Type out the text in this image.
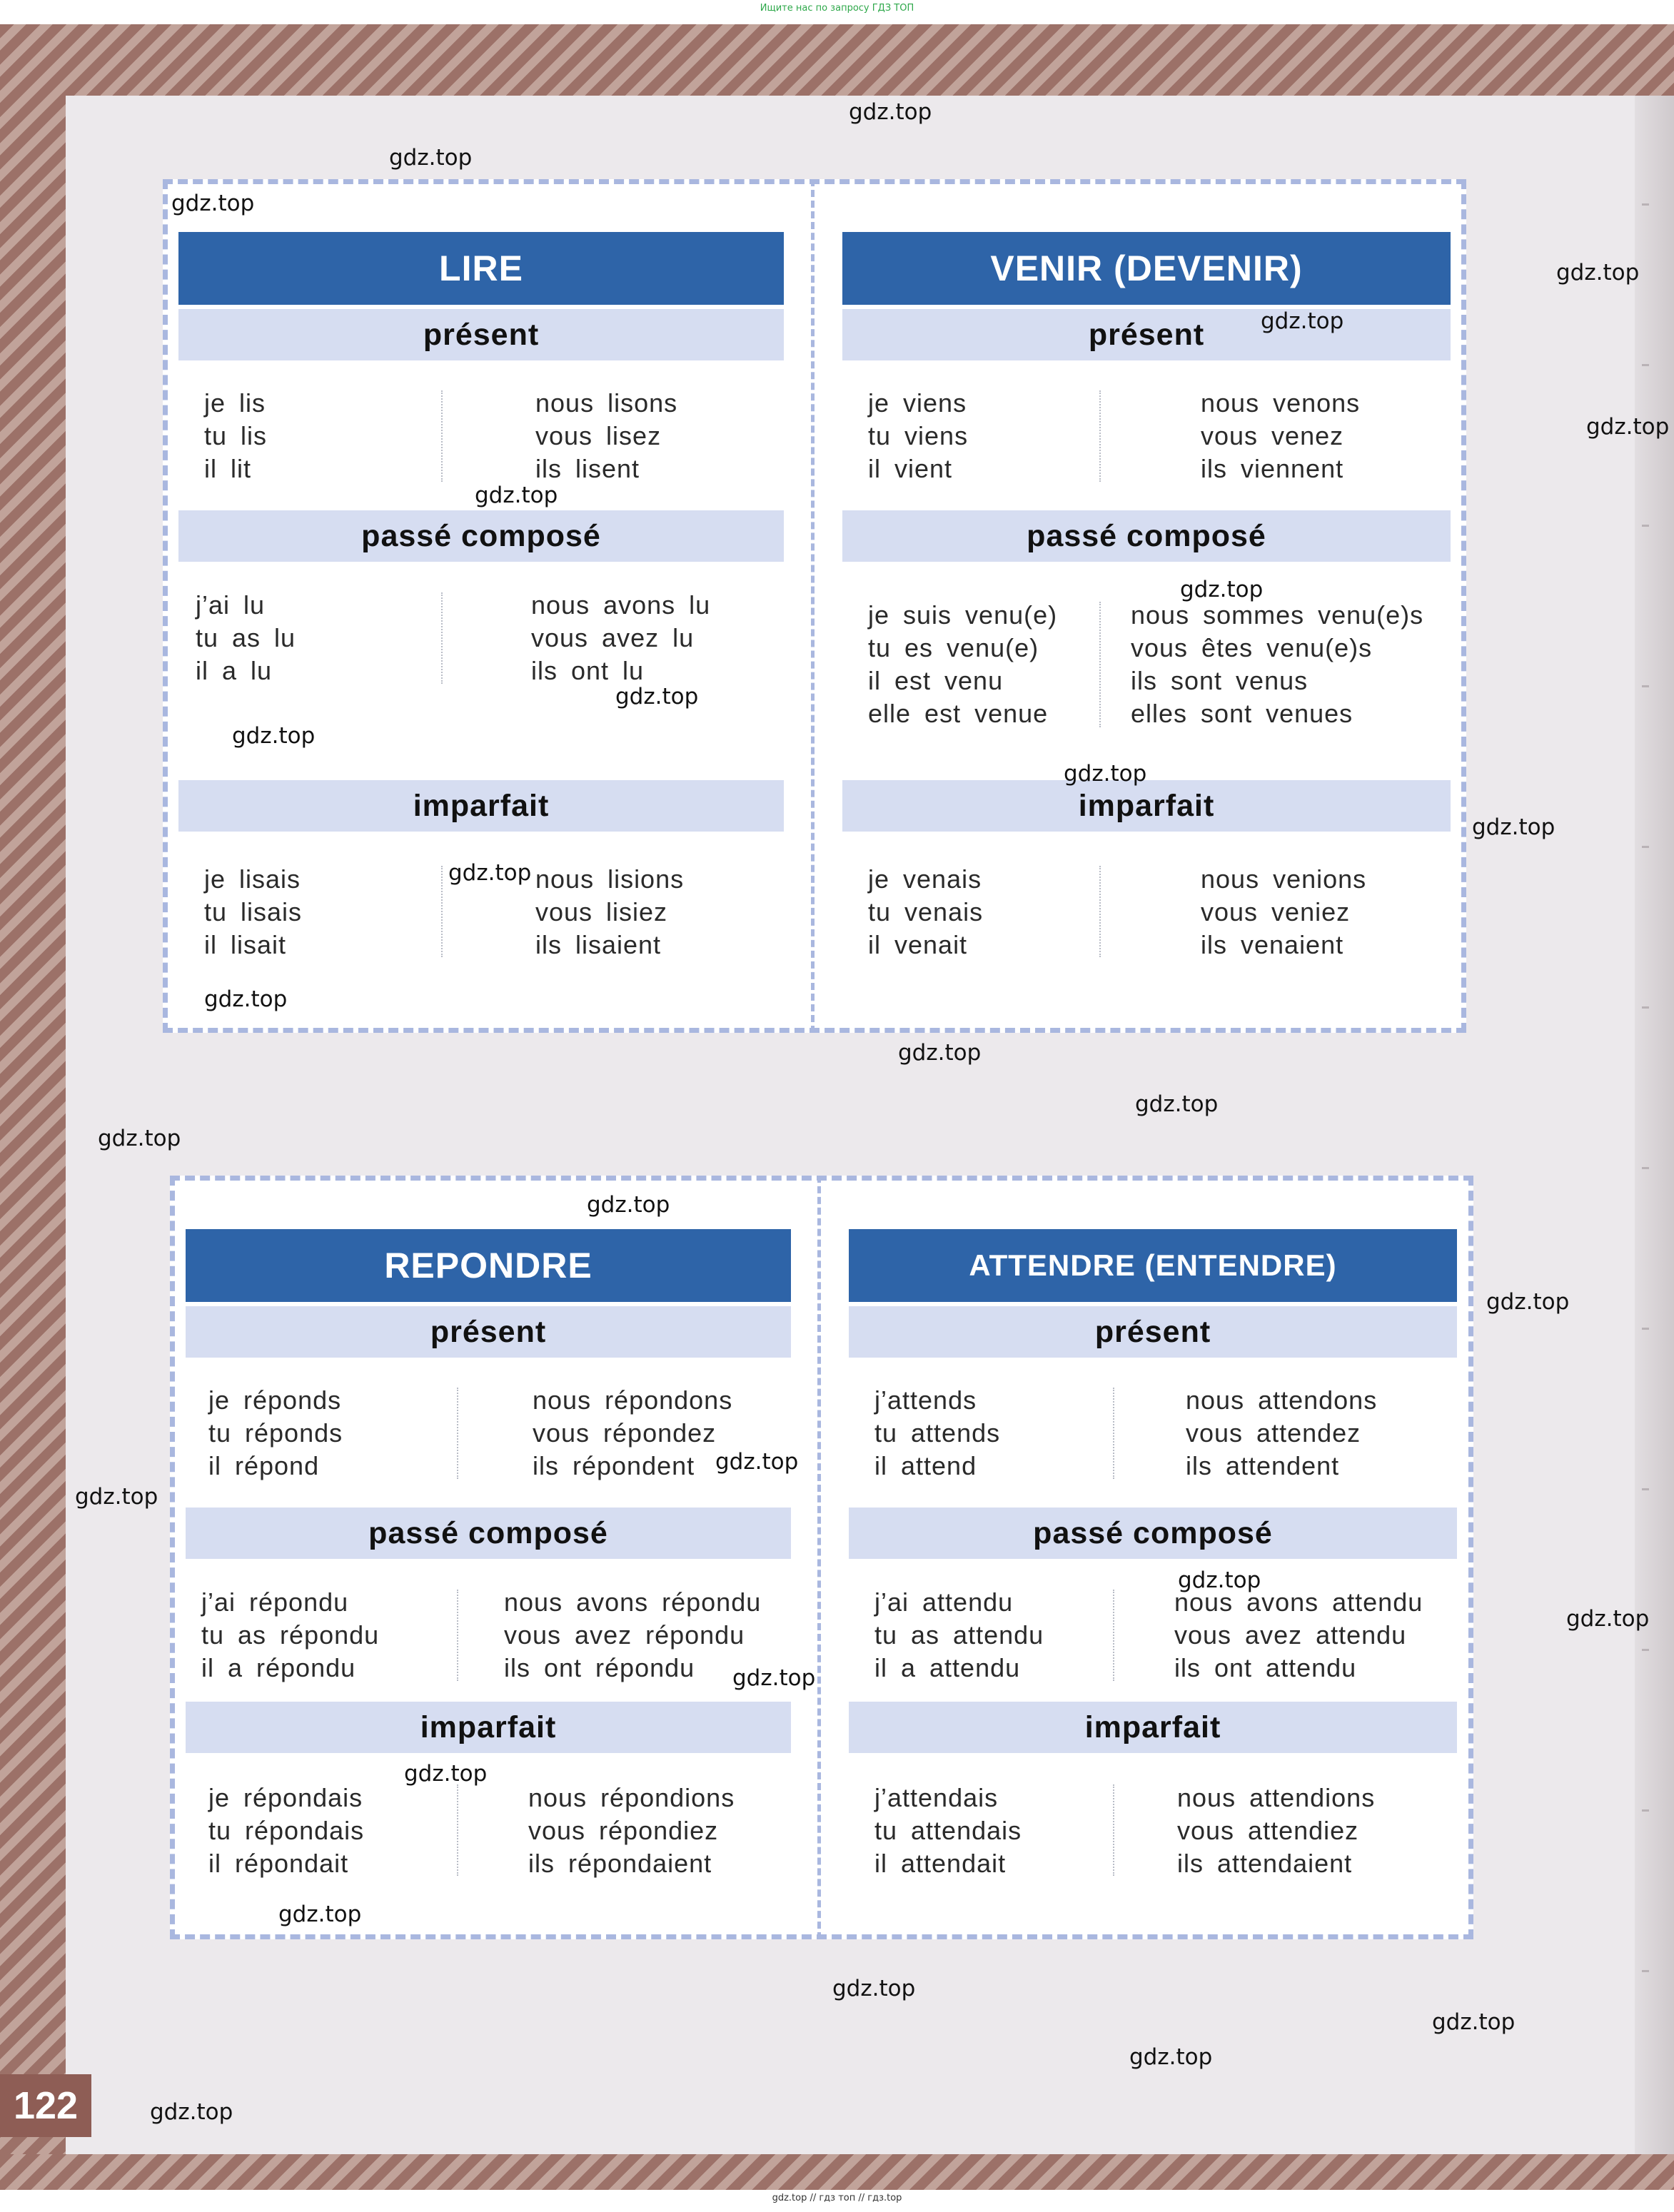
Ищите нас по запросу ГДЗ ТОП
LIRE
présent
je lis
tu lis
il lit
nous lisons
vous lisez
ils lisent
passé composé
j’ai lu
tu as lu
il a lu
nous avons lu
vous avez lu
ils ont lu
imparfait
je lisais
tu lisais
il lisait
nous lisions
vous lisiez
ils lisaient
VENIR (DEVENIR)
présent
je viens
tu viens
il vient
nous venons
vous venez
ils viennent
passé composé
je suis venu(e)
tu es venu(e)
il est venu
elle est venue
nous sommes venu(e)s
vous êtes venu(e)s
ils sont venus
elles sont venues
imparfait
je venais
tu venais
il venait
nous venions
vous veniez
ils venaient
REPONDRE
présent
je réponds
tu réponds
il répond
nous répondons
vous répondez
ils répondent
passé composé
j’ai répondu
tu as répondu
il a répondu
nous avons répondu
vous avez répondu
ils ont répondu
imparfait
je répondais
tu répondais
il répondait
nous répondions
vous répondiez
ils répondaient
ATTENDRE (ENTENDRE)
présent
j’attends
tu attends
il attend
nous attendons
vous attendez
ils attendent
passé composé
j’ai attendu
tu as attendu
il a attendu
nous avons attendu
vous avez attendu
ils ont attendu
imparfait
j’attendais
tu attendais
il attendait
nous attendions
vous attendiez
ils attendaient
122
gdz.top
gdz.top
gdz.top
gdz.top
gdz.top
gdz.top
gdz.top
gdz.top
gdz.top
gdz.top
gdz.top
gdz.top
gdz.top
gdz.top
gdz.top
gdz.top
gdz.top
gdz.top
gdz.top
gdz.top
gdz.top
gdz.top
gdz.top
gdz.top
gdz.top
gdz.top
gdz.top
gdz.top
gdz.top
gdz.top
gdz.top // гдз топ // гдз.top
